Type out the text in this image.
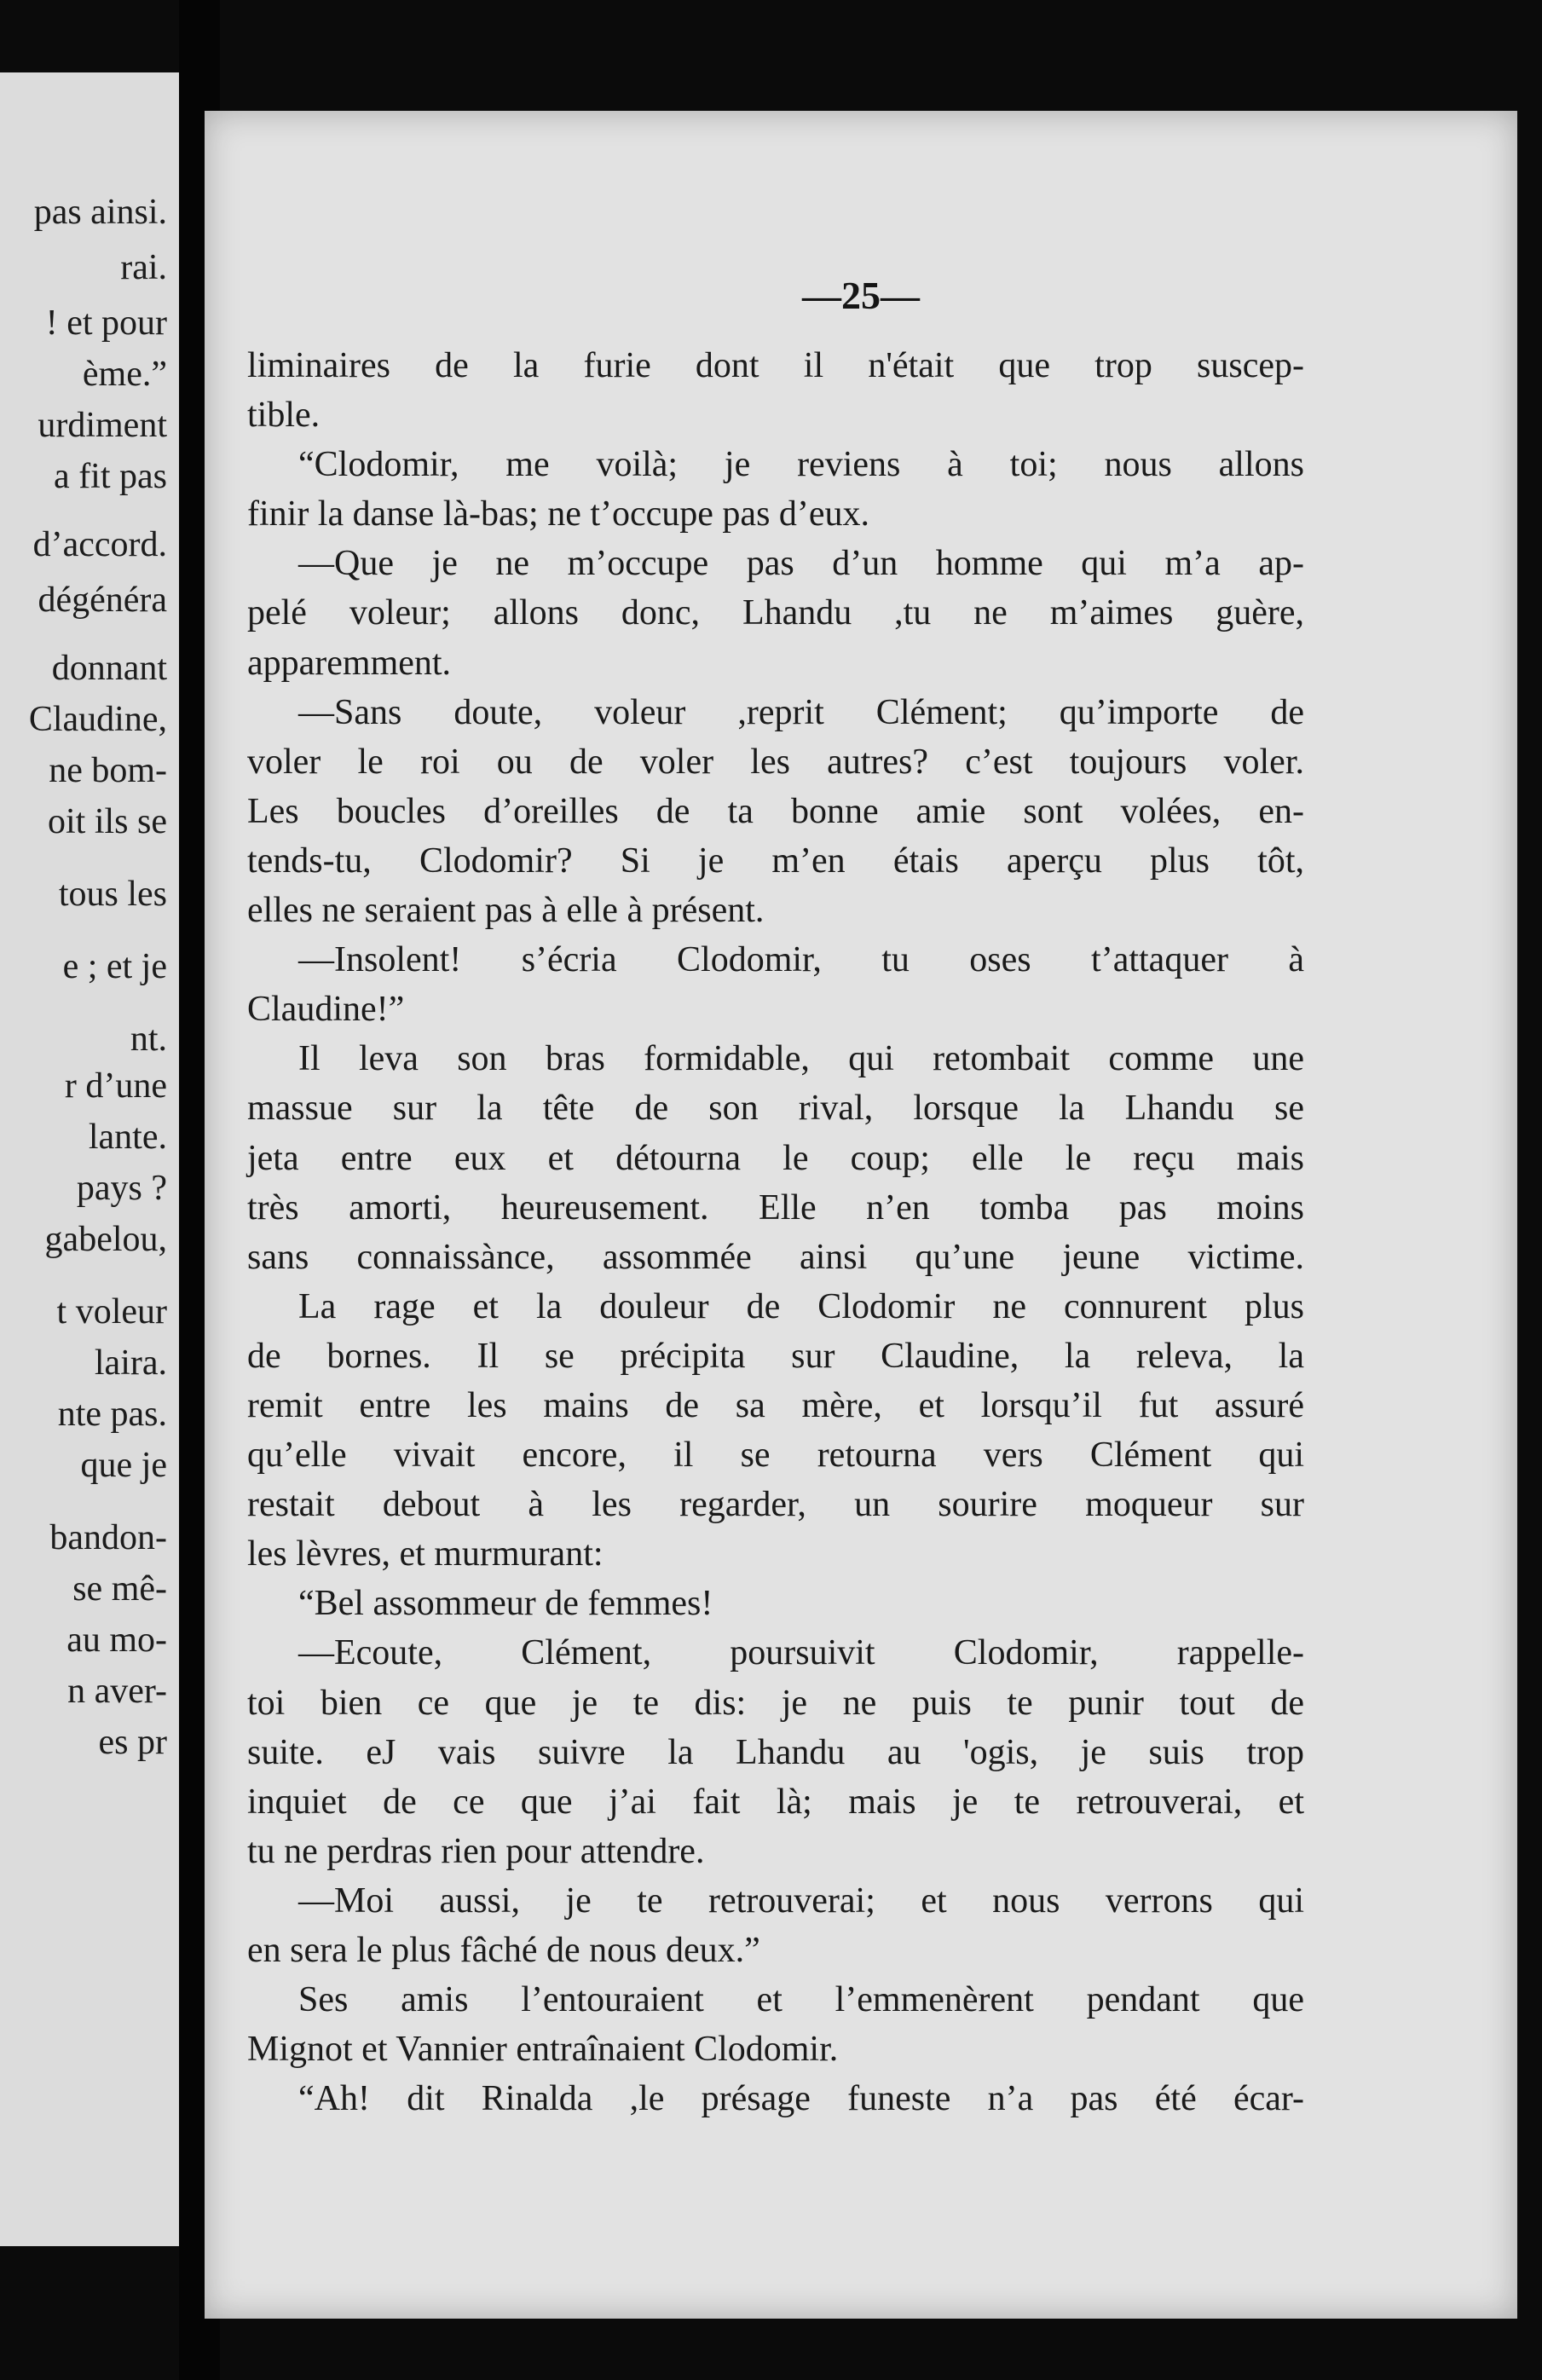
pas ainsi.
rai.
! et pour
ème.”
urdiment
a fit pas
d’accord.
dégénéra
donnant
Claudine,
ne bom-
oit ils se
tous les
e ; et je
nt.
r d’une
lante.
pays ?
gabelou,
t voleur
laira.
nte pas.
que je
bandon-
se mê-
au mo-
n aver-
es pr
—25—
liminaires de la furie dont il n'était que trop suscep-
tible.
“Clodomir, me voilà; je reviens à toi; nous allons
finir la danse là-bas; ne t’occupe pas d’eux.
—Que je ne m’occupe pas d’un homme qui m’a ap-
pelé voleur; allons donc, Lhandu ,tu ne m’aimes guère,
apparemment.
—Sans doute, voleur ,reprit Clément; qu’importe de
voler le roi ou de voler les autres? c’est toujours voler.
Les boucles d’oreilles de ta bonne amie sont volées, en-
tends-tu, Clodomir? Si je m’en étais aperçu plus tôt,
elles ne seraient pas à elle à présent.
—Insolent! s’écria Clodomir, tu oses t’attaquer à
Claudine!”
Il leva son bras formidable, qui retombait comme une
massue sur la tête de son rival, lorsque la Lhandu se
jeta entre eux et détourna le coup; elle le reçu mais
très amorti, heureusement. Elle n’en tomba pas moins
sans connaissànce, assommée ainsi qu’une jeune victime.
La rage et la douleur de Clodomir ne connurent plus
de bornes. Il se précipita sur Claudine, la releva, la
remit entre les mains de sa mère, et lorsqu’il fut assuré
qu’elle vivait encore, il se retourna vers Clément qui
restait debout à les regarder, un sourire moqueur sur
les lèvres, et murmurant:
“Bel assommeur de femmes!
—Ecoute, Clément, poursuivit Clodomir, rappelle-
toi bien ce que je te dis: je ne puis te punir tout de
suite. eJ vais suivre la Lhandu au 'ogis, je suis trop
inquiet de ce que j’ai fait là; mais je te retrouverai, et
tu ne perdras rien pour attendre.
—Moi aussi, je te retrouverai; et nous verrons qui
en sera le plus fâché de nous deux.”
Ses amis l’entouraient et l’emmenèrent pendant que
Mignot et Vannier entraînaient Clodomir.
“Ah! dit Rinalda ,le présage funeste n’a pas été écar-
